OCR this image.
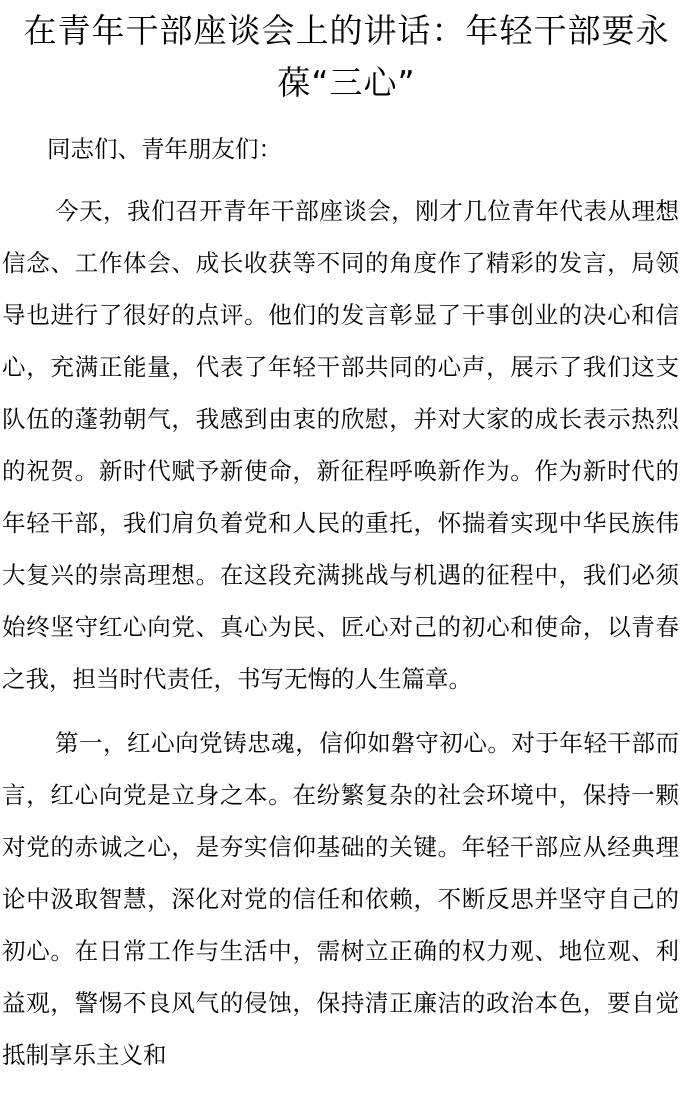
在青年干部座谈会上的讲话：年轻干部要永葆“三心”

同志们、青年朋友们：

今天，我们召开青年干部座谈会，刚才几位青年代表从理想信念、工作体会、成长收获等不同的角度作了精彩的发言，局领导也进行了很好的点评。他们的发言彰显了干事创业的决心和信心，充满正能量，代表了年轻干部共同的心声，展示了我们这支队伍的蓬勃朝气，我感到由衷的欣慰，并对大家的成长表示热烈的祝贺。新时代赋予新使命，新征程呼唤新作为。作为新时代的年轻干部，我们肩负着党和人民的重托，怀揣着实现中华民族伟大复兴的崇高理想。在这段充满挑战与机遇的征程中，我们必须始终坚守红心向党、真心为民、匠心对己的初心和使命，以青春之我，担当时代责任，书写无悔的人生篇章。

第一，红心向党铸忠魂，信仰如磐守初心。对于年轻干部而言，红心向党是立身之本。在纷繁复杂的社会环境中，保持一颗对党的赤诚之心，是夯实信仰基础的关键。年轻干部应从经典理论中汲取智慧，深化对党的信任和依赖，不断反思并坚守自己的初心。在日常工作与生活中，需树立正确的权力观、地位观、利益观，警惕不良风气的侵蚀，保持清正廉洁的政治本色，要自觉抵制享乐主义和
